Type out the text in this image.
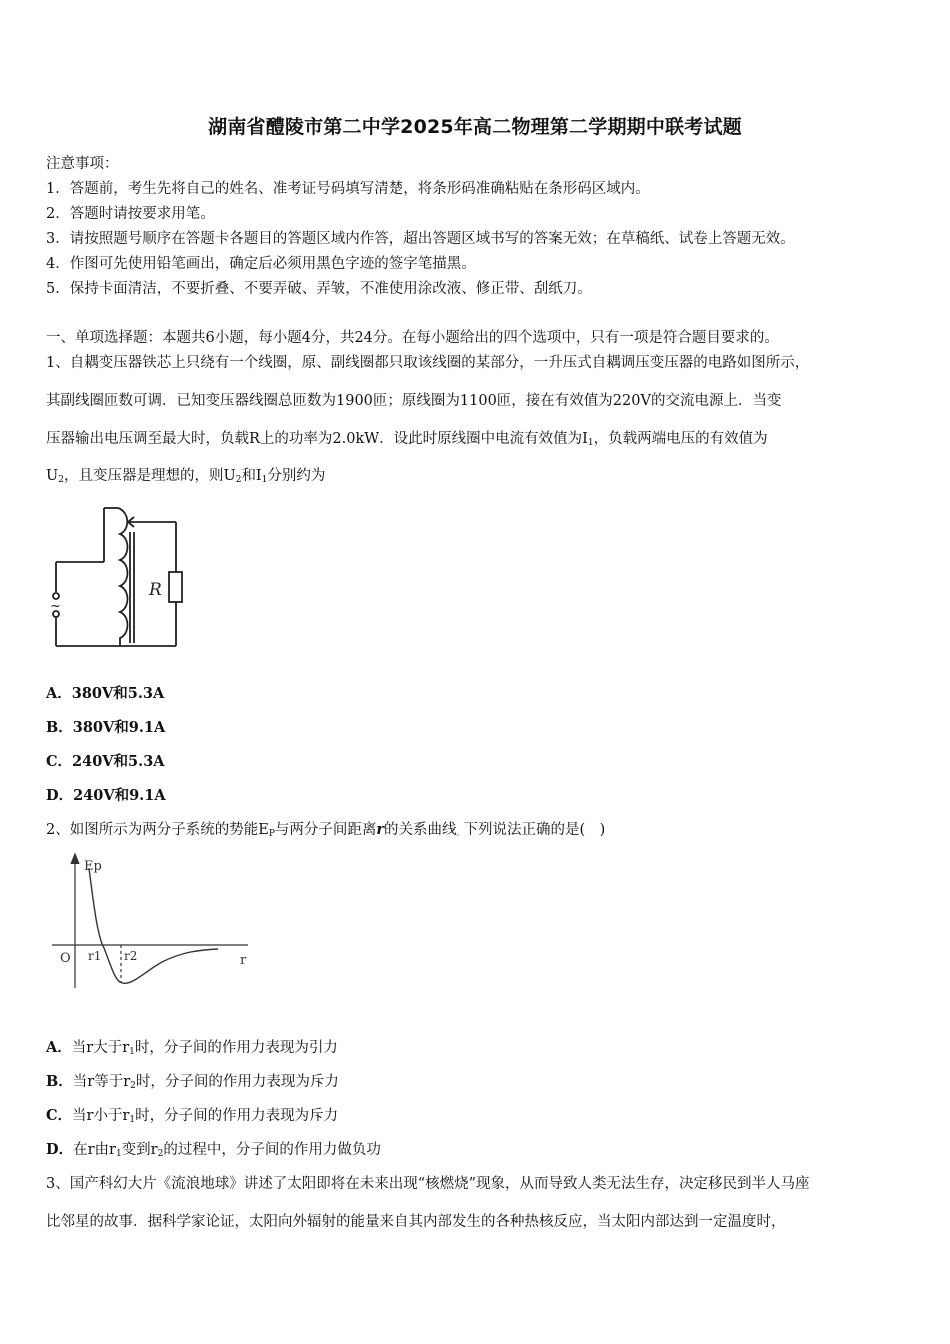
湖南省醴陵市第二中学2025年高二物理第二学期期中联考试题
注意事项：
1．答题前，考生先将自己的姓名、准考证号码填写清楚，将条形码准确粘贴在条形码区域内。
2．答题时请按要求用笔。
3．请按照题号顺序在答题卡各题目的答题区域内作答，超出答题区域书写的答案无效；在草稿纸、试卷上答题无效。
4．作图可先使用铅笔画出，确定后必须用黑色字迹的签字笔描黑。
5．保持卡面清洁，不要折叠、不要弄破、弄皱，不准使用涂改液、修正带、刮纸刀。
一、单项选择题：本题共6小题，每小题4分，共24分。在每小题给出的四个选项中，只有一项是符合题目要求的。
1、自耦变压器铁芯上只绕有一个线圈，原、副线圈都只取该线圈的某部分，一升压式自耦调压变压器的电路如图所示，
其副线圈匝数可调．已知变压器线圈总匝数为1900匝；原线圈为1100匝，接在有效值为220V的交流电源上．当变
压器输出电压调至最大时，负载R上的功率为2.0kW．设此时原线圈中电流有效值为$I_1$，负载两端电压的有效值为
$U_2$，且变压器是理想的，则$U_2$和$I_1$分别约为
R
~
A．380V和5.3A
B．380V和9.1A
C．240V和5.3A
D．240V和9.1A
2、如图所示为两分子系统的势能$E_P$与两分子间距离r的关系曲线。下列说法正确的是(　)
Ep
O r1 r2	r
A．当r大于$r_1$时，分子间的作用力表现为引力
B．当r等于$r_2$时，分子间的作用力表现为斥力
C．当r小于$r_1$时，分子间的作用力表现为斥力
D．在r由$r_1$变到$r_2$的过程中，分子间的作用力做负功
3、国产科幻大片《流浪地球》讲述了太阳即将在未来出现“核燃烧”现象，从而导致人类无法生存，决定移民到半人马座
比邻星的故事．据科学家论证，太阳向外辐射的能量来自其内部发生的各种热核反应，当太阳内部达到一定温度时，
